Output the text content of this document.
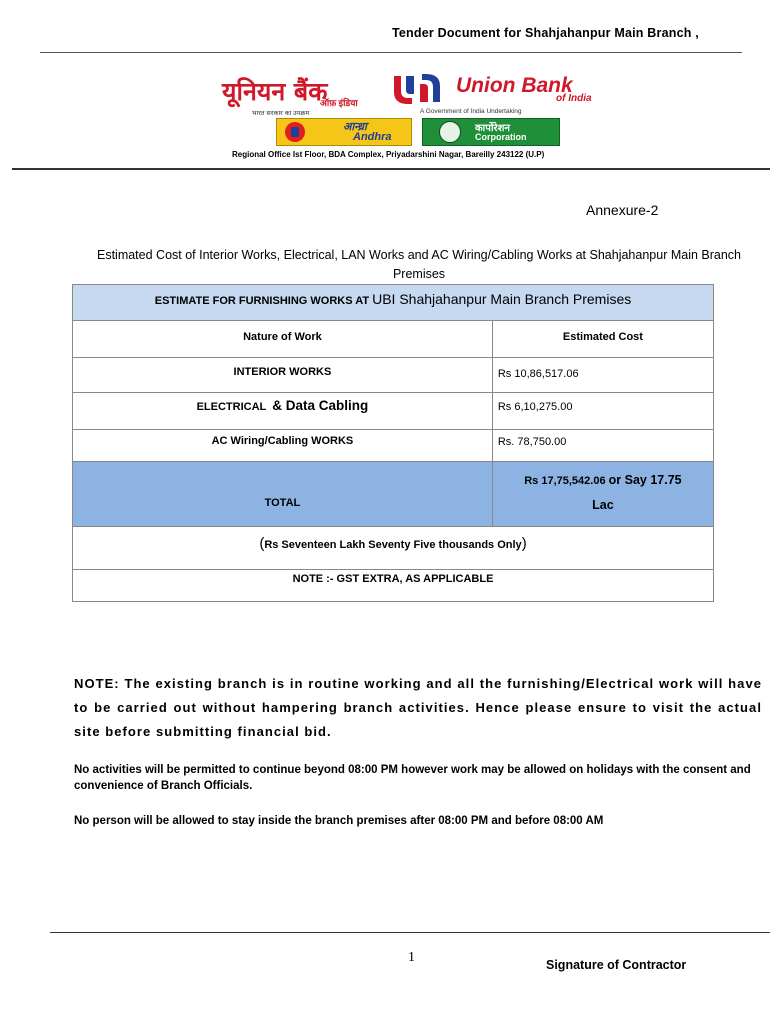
Tender Document for Shahjahanpur Main Branch ,
यूनियन बैंक
ऑफ़ इंडिया
Union Bank
of India
भारत सरकार का उपक्रम	A Government of India Undertaking
आन्ध्रा
Andhra
कार्पोरेशन
Corporation
Regional Office Ist Floor, BDA Complex, Priyadarshini Nagar, Bareilly 243122 (U.P)
Annexure-2
Estimated Cost of Interior Works, Electrical, LAN Works and AC Wiring/Cabling Works at Shahjahanpur Main Branch Premises
ESTIMATE FOR FURNISHING WORKS AT UBI Shahjahanpur Main Branch Premises	

Nature of Work	Estimated Cost
INTERIOR WORKS	Rs 10,86,517.06
ELECTRICAL & Data Cabling	Rs 6,10,275.00
AC Wiring/Cabling WORKS	Rs. 78,750.00
TOTAL	Rs 17,75,542.06 or Say 17.75
Lac

(Rs Seventeen Lakh Seventy Five thousands Only)	

NOTE :- GST EXTRA, AS APPLICABLE	
NOTE: The existing branch is in routine working and all the furnishing/Electrical work will have to be carried out without hampering branch activities. Hence please ensure to visit the actual site before submitting financial bid.
No activities will be permitted to continue beyond 08:00 PM however work may be allowed on holidays with the consent and convenience of Branch Officials.
No person will be allowed to stay inside the branch premises after 08:00 PM and before 08:00 AM
1	Signature of Contractor
